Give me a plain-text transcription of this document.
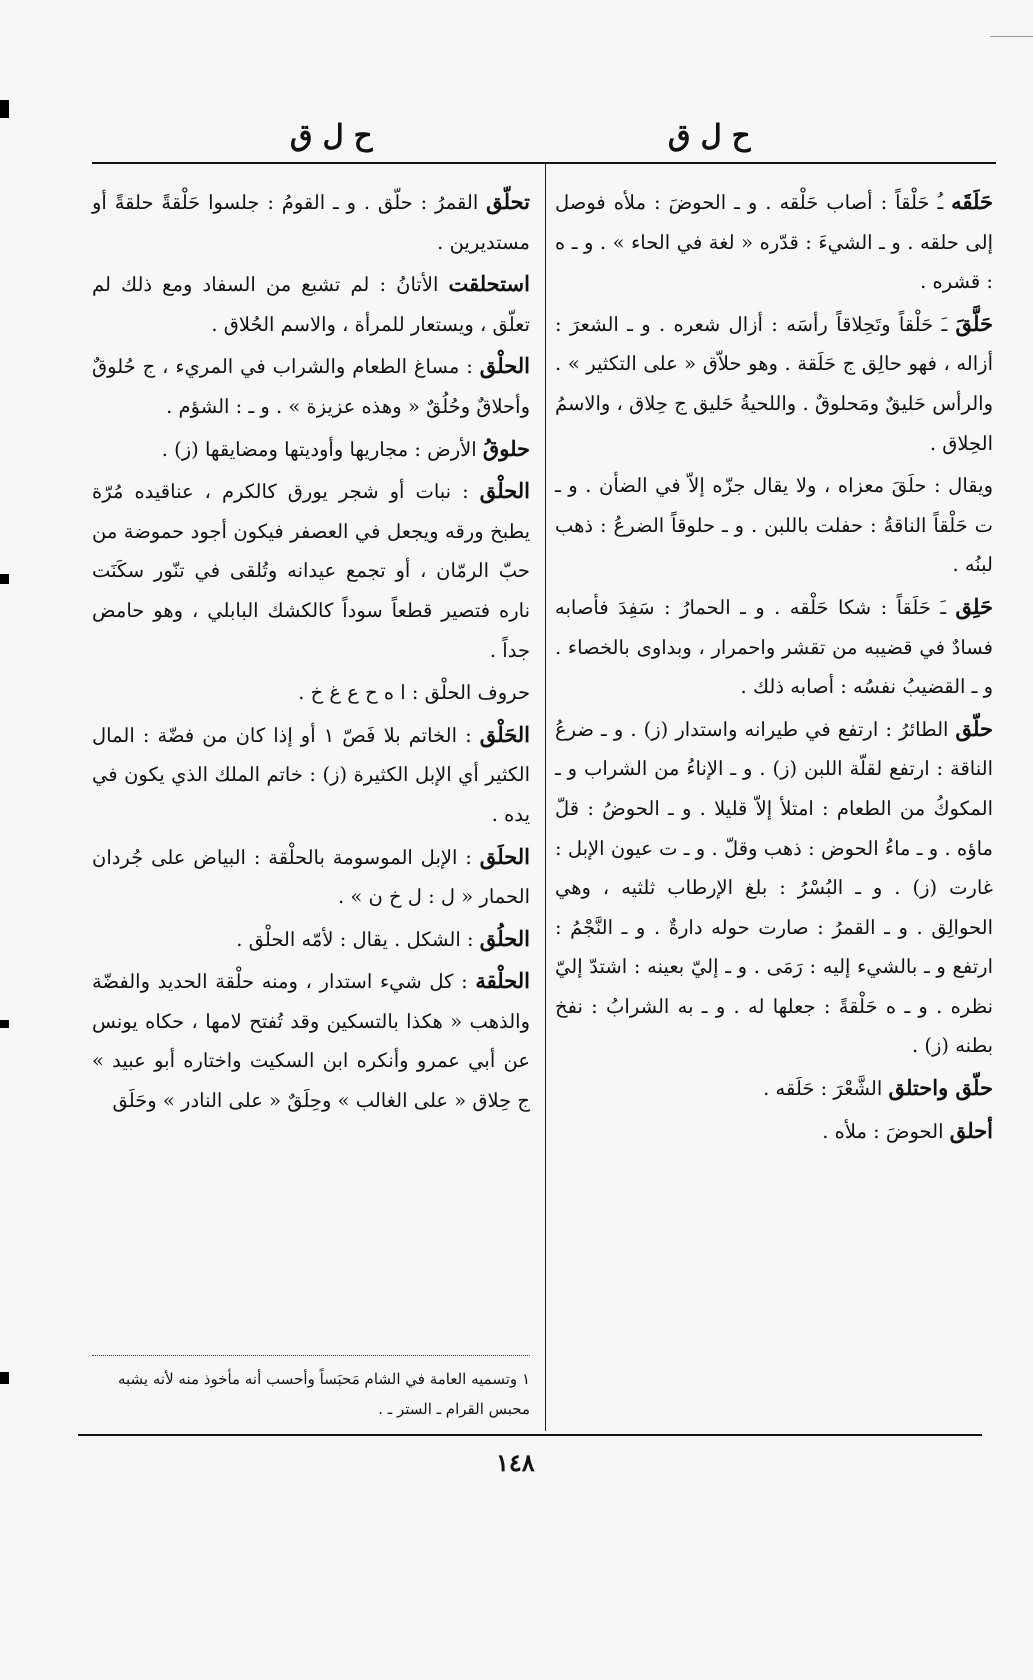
ح ل ق	ح ل ق

حَلَقَه ـُ حَلْقاً : أصاب حَلْقه . و ـ الحوضَ : ملأه فوصل إلى حلقه . و ـ الشيءَ : قدّره « لغة في الحاء » . و ـ ه : قشره .

حَلَّقَ ـَ حَلْقاً وتَحِلاقاً رأسَه : أزال شعره . و ـ الشعرَ : أزاله ، فهو حالِق ج حَلَقة . وهو حلاّق « على التكثير » . والرأس حَليقٌ ومَحلوقٌ . واللحيةُ حَليق ج حِلاق ، والاسمُ الحِلاق .

ويقال : حلَقَ معزاه ، ولا يقال جزّه إلاّ في الضأن . و ـ ت حَلْقاً الناقةُ : حفلت باللبن . و ـ حلوقاً الضرعُ : ذهب لبنُه .

حَلِق ـَ حَلَقاً : شكا حَلْقه . و ـ الحمارُ : سَفِدَ فأصابه فسادٌ في قضيبه من تقشر واحمرار ، وبداوى بالخصاء . و ـ القضيبُ نفسُه : أصابه ذلك .

حلّق الطائرُ : ارتفع في طيرانه واستدار (ز) . و ـ ضرعُ الناقة : ارتفع لقلّة اللبن (ز) . و ـ الإناءُ من الشراب و ـ المكوكُ من الطعام : امتلأ إلاّ قليلا . و ـ الحوضُ : قلّ ماؤه . و ـ ماءُ الحوض : ذهب وقلّ . و ـ ت عيون الإبل : غارت (ز) . و ـ البُسْرُ : بلغ الإرطاب ثلثيه ، وهي الحوالِق . و ـ القمرُ : صارت حوله دارةٌ . و ـ النَّجْمُ : ارتفع و ـ بالشيء إليه : رَمَى . و ـ إليّ بعينه : اشتدّ إليّ نظره . و ـ ه حَلْقةً : جعلها له . و ـ به الشرابُ : نفخ بطنه (ز) .

حلّق واحتلق الشَّعْرَ : حَلَقه .

أحلق الحوضَ : ملأه .

تحلّق القمرُ : حلّق . و ـ القومُ : جلسوا حَلْقةً حلقةً أو مستديرين .

استحلقت الأتانُ : لم تشبع من السفاد ومع ذلك لم تعلّق ، ويستعار للمرأة ، والاسم الحُلاق .

الحلْق : مساغ الطعام والشراب في المريء ، ج حُلوقٌ وأحلاقٌ وحُلُقٌ « وهذه عزيزة » . و ـ : الشؤم .

حلوقُ الأرض : مجاريها وأوديتها ومضايقها (ز) .

الحلْق : نبات أو شجر يورق كالكرم ، عناقيده مُرّة يطبخ ورقه ويجعل في العصفر فيكون أجود حموضة من حبّ الرمّان ، أو تجمع عيدانه وتُلقى في تنّور سكَنَت ناره فتصير قطعاً سوداً كالكشك البابلي ، وهو حامض جداً .

حروف الحلْق : ا ه ح ع غ خ .

الحَلْق : الخاتم بلا فَصّ ١ أو إذا كان من فضّة : المال الكثير أي الإبل الكثيرة (ز) : خاتم الملك الذي يكون في يده .

الحلَق : الإبل الموسومة بالحلْقة : البياض على جُردان الحمار « ل : ل خ ن » .

الحلُق : الشكل . يقال : لأمّه الحلْق .

الحلْقة : كل شيء استدار ، ومنه حلْقة الحديد والفضّة والذهب « هكذا بالتسكين وقد تُفتح لامها ، حكاه يونس عن أبي عمرو وأنكره ابن السكيت واختاره أبو عبيد » ج حِلاق « على الغالب » وحِلَقٌ « على النادر » وحَلَق

١ وتسميه العامة في الشام مَحبَساً وأحسب أنه مأخوذ منه لأنه يشبه محبس القرام ـ الستر ـ .
١٤٨
